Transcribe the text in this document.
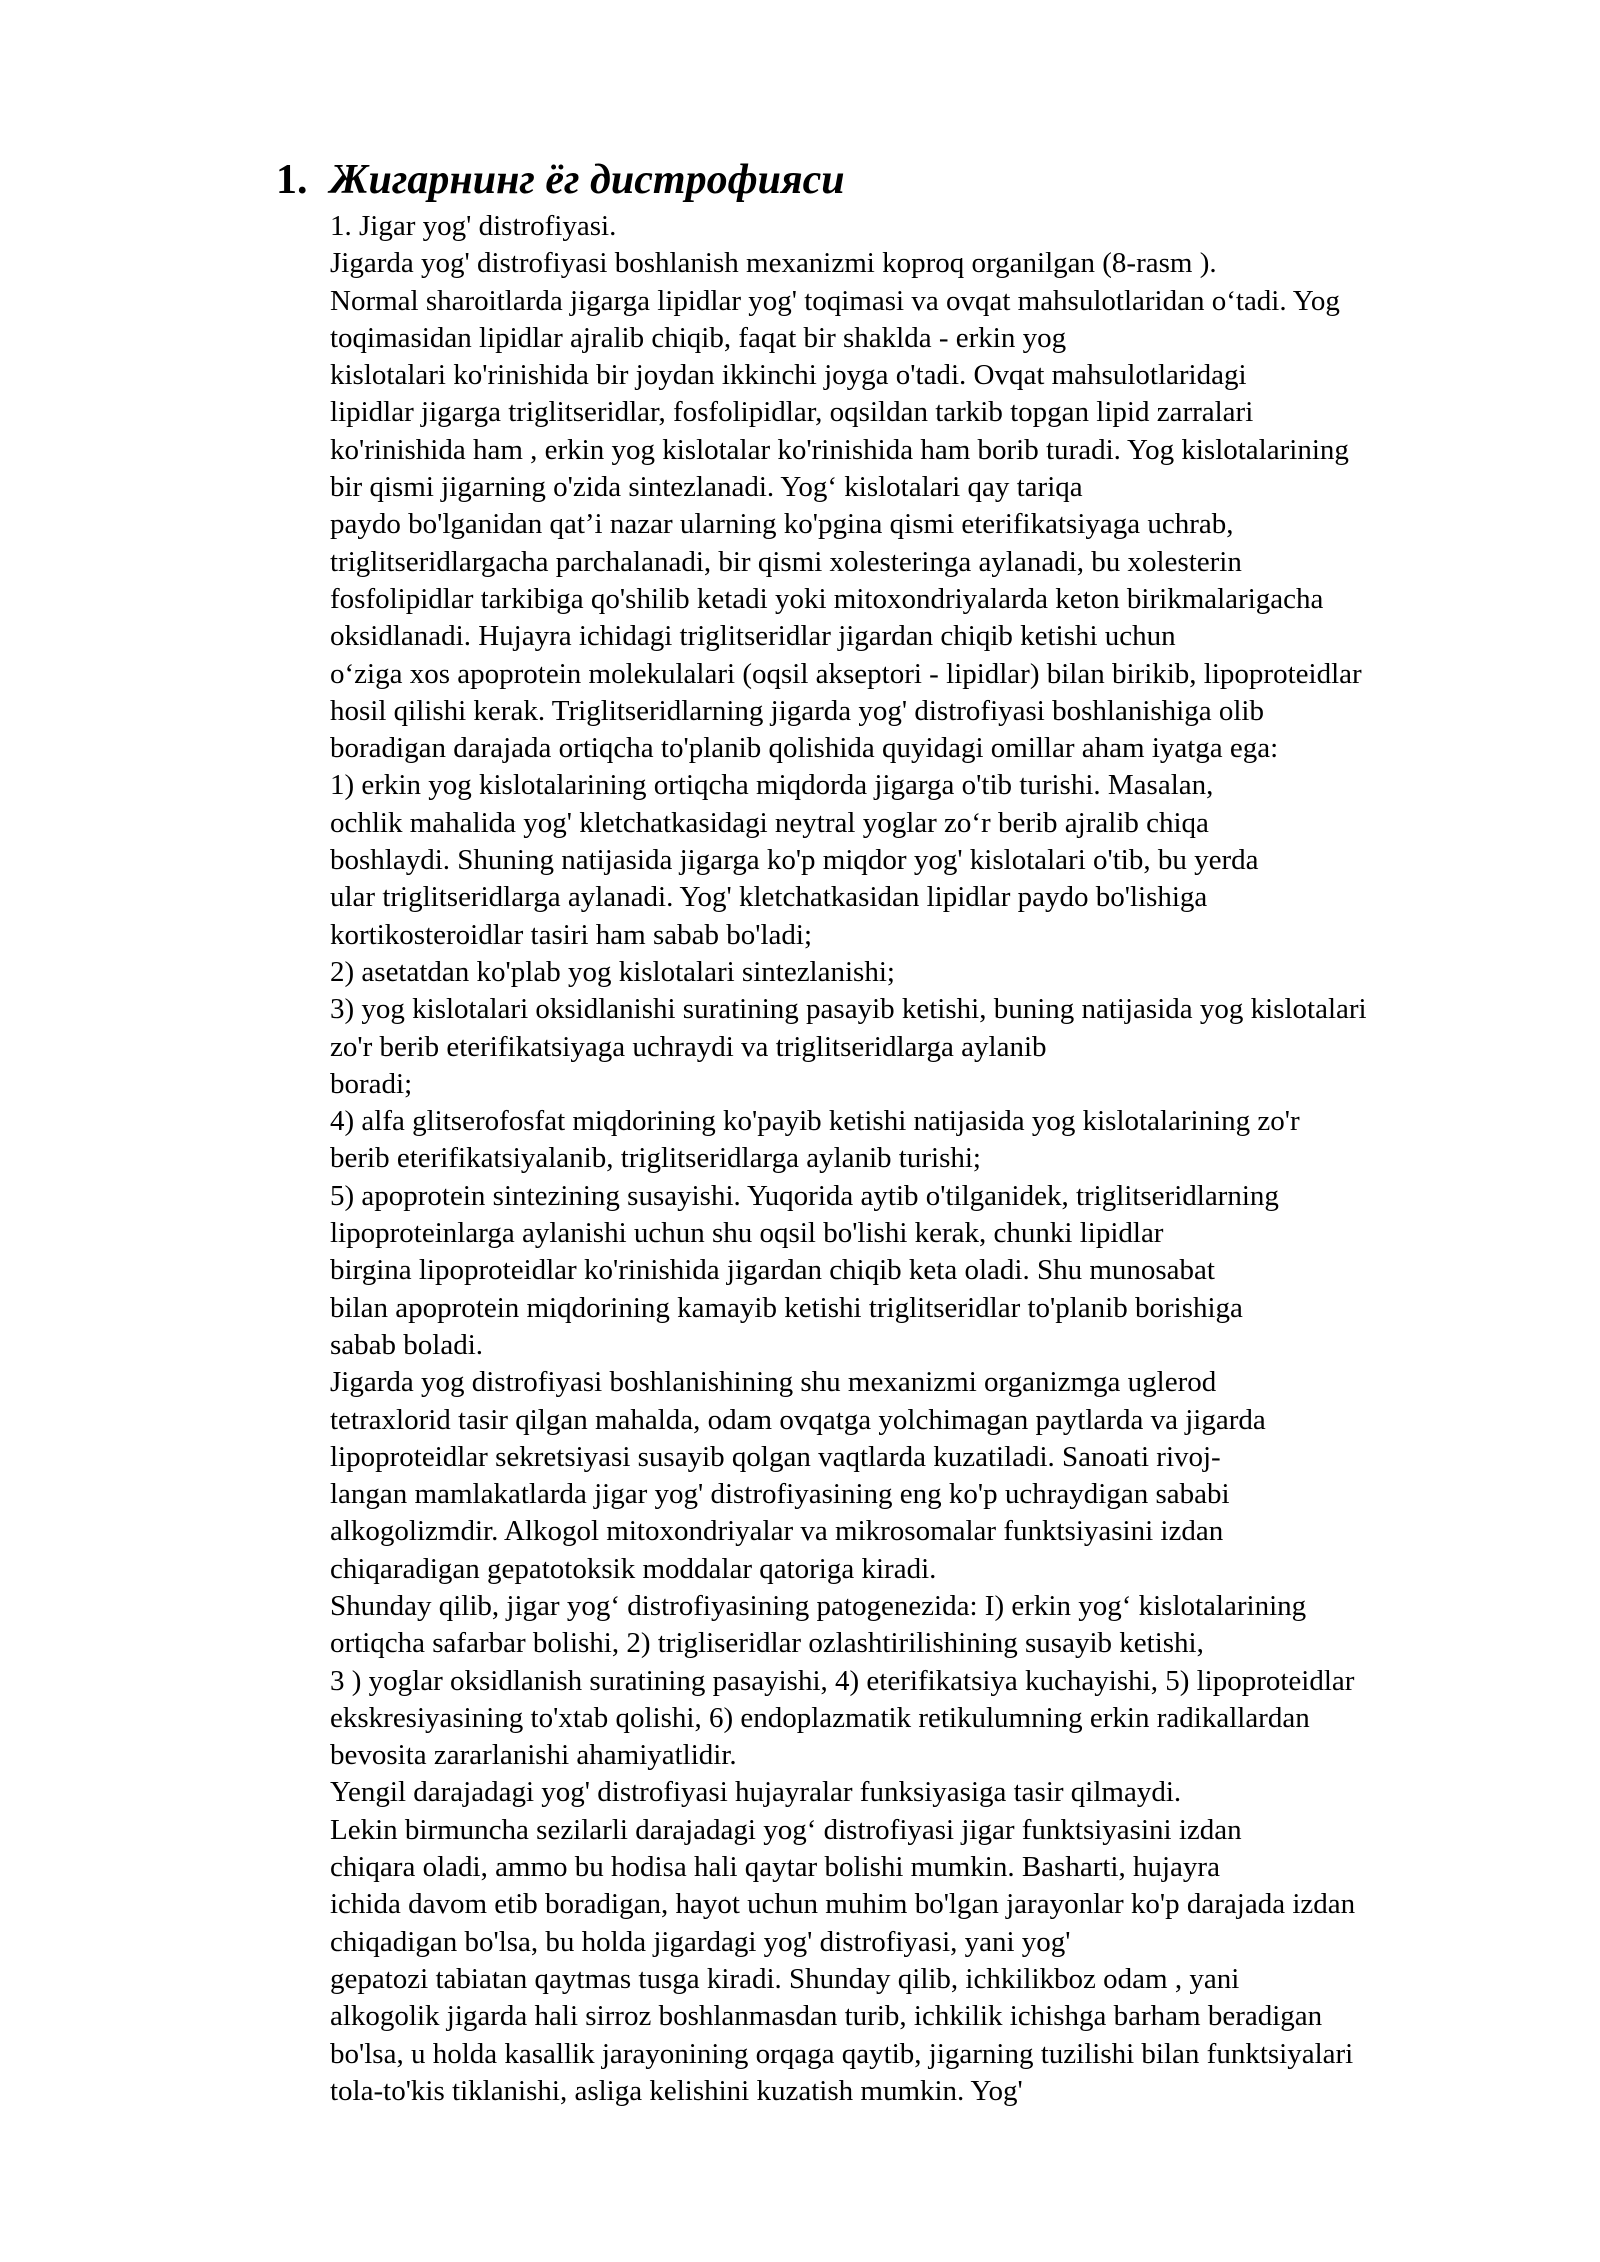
1. Жигарнинг ёг дистрофияси
1. Jigar yog' distrofiyasi.
Jigarda yog' distrofiyasi boshlanish mexanizmi koproq organilgan (8-rasm ).
Normal sharoitlarda jigarga lipidlar yog' toqimasi va ovqat mahsulotlaridan o‘tadi. Yog
toqimasidan lipidlar ajralib chiqib, faqat bir shaklda - erkin yog
kislotalari ko'rinishida bir joydan ikkinchi joyga o'tadi. Ovqat mahsulotlaridagi
lipidlar jigarga triglitseridlar, fosfolipidlar, oqsildan tarkib topgan lipid zarralari
ko'rinishida ham , erkin yog kislotalar ko'rinishida ham borib turadi. Yog kislotalarining
bir qismi jigarning o'zida sintezlanadi. Yog‘ kislotalari qay tariqa
paydo bo'lganidan qat’i nazar ularning ko'pgina qismi eterifikatsiyaga uchrab,
triglitseridlargacha parchalanadi, bir qismi xolesteringa aylanadi, bu xolesterin
fosfolipidlar tarkibiga qo'shilib ketadi yoki mitoxondriyalarda keton birikmalarigacha
oksidlanadi. Hujayra ichidagi triglitseridlar jigardan chiqib ketishi uchun
o‘ziga xos apoprotein molekulalari (oqsil akseptori - lipidlar) bilan birikib, lipoproteidlar
hosil qilishi kerak. Triglitseridlarning jigarda yog' distrofiyasi boshlanishiga olib
boradigan darajada ortiqcha to'planib qolishida quyidagi omillar aham iyatga ega:
1) erkin yog kislotalarining ortiqcha miqdorda jigarga o'tib turishi. Masalan,
ochlik mahalida yog' kletchatkasidagi neytral yoglar zo‘r berib ajralib chiqa
boshlaydi. Shuning natijasida jigarga ko'p miqdor yog' kislotalari o'tib, bu yerda
ular triglitseridlarga aylanadi. Yog' kletchatkasidan lipidlar paydo bo'lishiga
kortikosteroidlar tasiri ham sabab bo'ladi;
2) asetatdan ko'plab yog kislotalari sintezlanishi;
3) yog kislotalari oksidlanishi suratining pasayib ketishi, buning natijasida yog kislotalari
zo'r berib eterifikatsiyaga uchraydi va triglitseridlarga aylanib
boradi;
4) alfa glitserofosfat miqdorining ko'payib ketishi natijasida yog kislotalarining zo'r
berib eterifikatsiyalanib, triglitseridlarga aylanib turishi;
5) apoprotein sintezining susayishi. Yuqorida aytib o'tilganidek, triglitseridlarning
lipoproteinlarga aylanishi uchun shu oqsil bo'lishi kerak, chunki lipidlar
birgina lipoproteidlar ko'rinishida jigardan chiqib keta oladi. Shu munosabat
bilan apoprotein miqdorining kamayib ketishi triglitseridlar to'planib borishiga
sabab boladi.
Jigarda yog distrofiyasi boshlanishining shu mexanizmi organizmga uglerod
tetraxlorid tasir qilgan mahalda, odam ovqatga yolchimagan paytlarda va jigarda
lipoproteidlar sekretsiyasi susayib qolgan vaqtlarda kuzatiladi. Sanoati rivoj-
langan mamlakatlarda jigar yog' distrofiyasining eng ko'p uchraydigan sababi
alkogolizmdir. Alkogol mitoxondriyalar va mikrosomalar funktsiyasini izdan
chiqaradigan gepatotoksik moddalar qatoriga kiradi.
Shunday qilib, jigar yog‘ distrofiyasining patogenezida: I) erkin yog‘ kislotalarining
ortiqcha safarbar bolishi, 2) trigliseridlar ozlashtirilishining susayib ketishi,
3 ) yoglar oksidlanish suratining pasayishi, 4) eterifikatsiya kuchayishi, 5) lipoproteidlar
ekskresiyasining to'xtab qolishi, 6) endoplazmatik retikulumning erkin radikallardan
bevosita zararlanishi ahamiyatlidir.
Yengil darajadagi yog' distrofiyasi hujayralar funksiyasiga tasir qilmaydi.
Lekin birmuncha sezilarli darajadagi yog‘ distrofiyasi jigar funktsiyasini izdan
chiqara oladi, ammo bu hodisa hali qaytar bolishi mumkin. Basharti, hujayra
ichida davom etib boradigan, hayot uchun muhim bo'lgan jarayonlar ko'p darajada izdan
chiqadigan bo'lsa, bu holda jigardagi yog' distrofiyasi, yani yog'
gepatozi tabiatan qaytmas tusga kiradi. Shunday qilib, ichkilikboz odam , yani
alkogolik jigarda hali sirroz boshlanmasdan turib, ichkilik ichishga barham beradigan
bo'lsa, u holda kasallik jarayonining orqaga qaytib, jigarning tuzilishi bilan funktsiyalari
tola-to'kis tiklanishi, asliga kelishini kuzatish mumkin. Yog'
